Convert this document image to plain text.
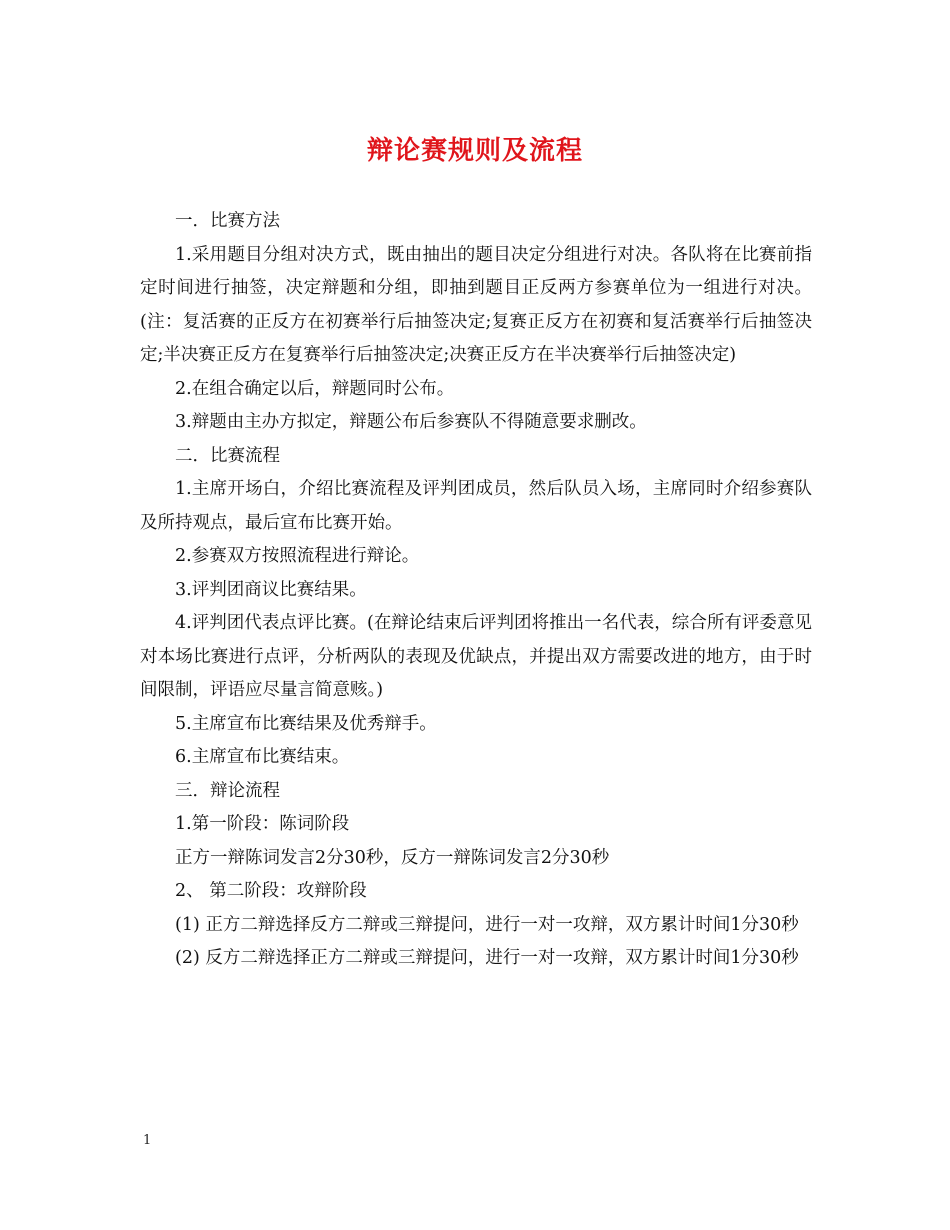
辩论赛规则及流程

一．比赛方法

1.采用题目分组对决方式，既由抽出的题目决定分组进行对决。各队将在比赛前指定时间进行抽签，决定辩题和分组，即抽到题目正反两方参赛单位为一组进行对决。(注：复活赛的正反方在初赛举行后抽签决定;复赛正反方在初赛和复活赛举行后抽签决定;半决赛正反方在复赛举行后抽签决定;决赛正反方在半决赛举行后抽签决定)

2.在组合确定以后，辩题同时公布。

3.辩题由主办方拟定，辩题公布后参赛队不得随意要求删改。

二．比赛流程

1.主席开场白，介绍比赛流程及评判团成员，然后队员入场，主席同时介绍参赛队及所持观点，最后宣布比赛开始。

2.参赛双方按照流程进行辩论。

3.评判团商议比赛结果。

4.评判团代表点评比赛。(在辩论结束后评判团将推出一名代表，综合所有评委意见对本场比赛进行点评，分析两队的表现及优缺点，并提出双方需要改进的地方，由于时间限制，评语应尽量言简意赅。)

5.主席宣布比赛结果及优秀辩手。

6.主席宣布比赛结束。

三．辩论流程

1.第一阶段：陈词阶段

正方一辩陈词发言2分30秒，反方一辩陈词发言2分30秒

2、 第二阶段：攻辩阶段

(1) 正方二辩选择反方二辩或三辩提问，进行一对一攻辩，双方累计时间1分30秒

(2) 反方二辩选择正方二辩或三辩提问，进行一对一攻辩，双方累计时间1分30秒

1
